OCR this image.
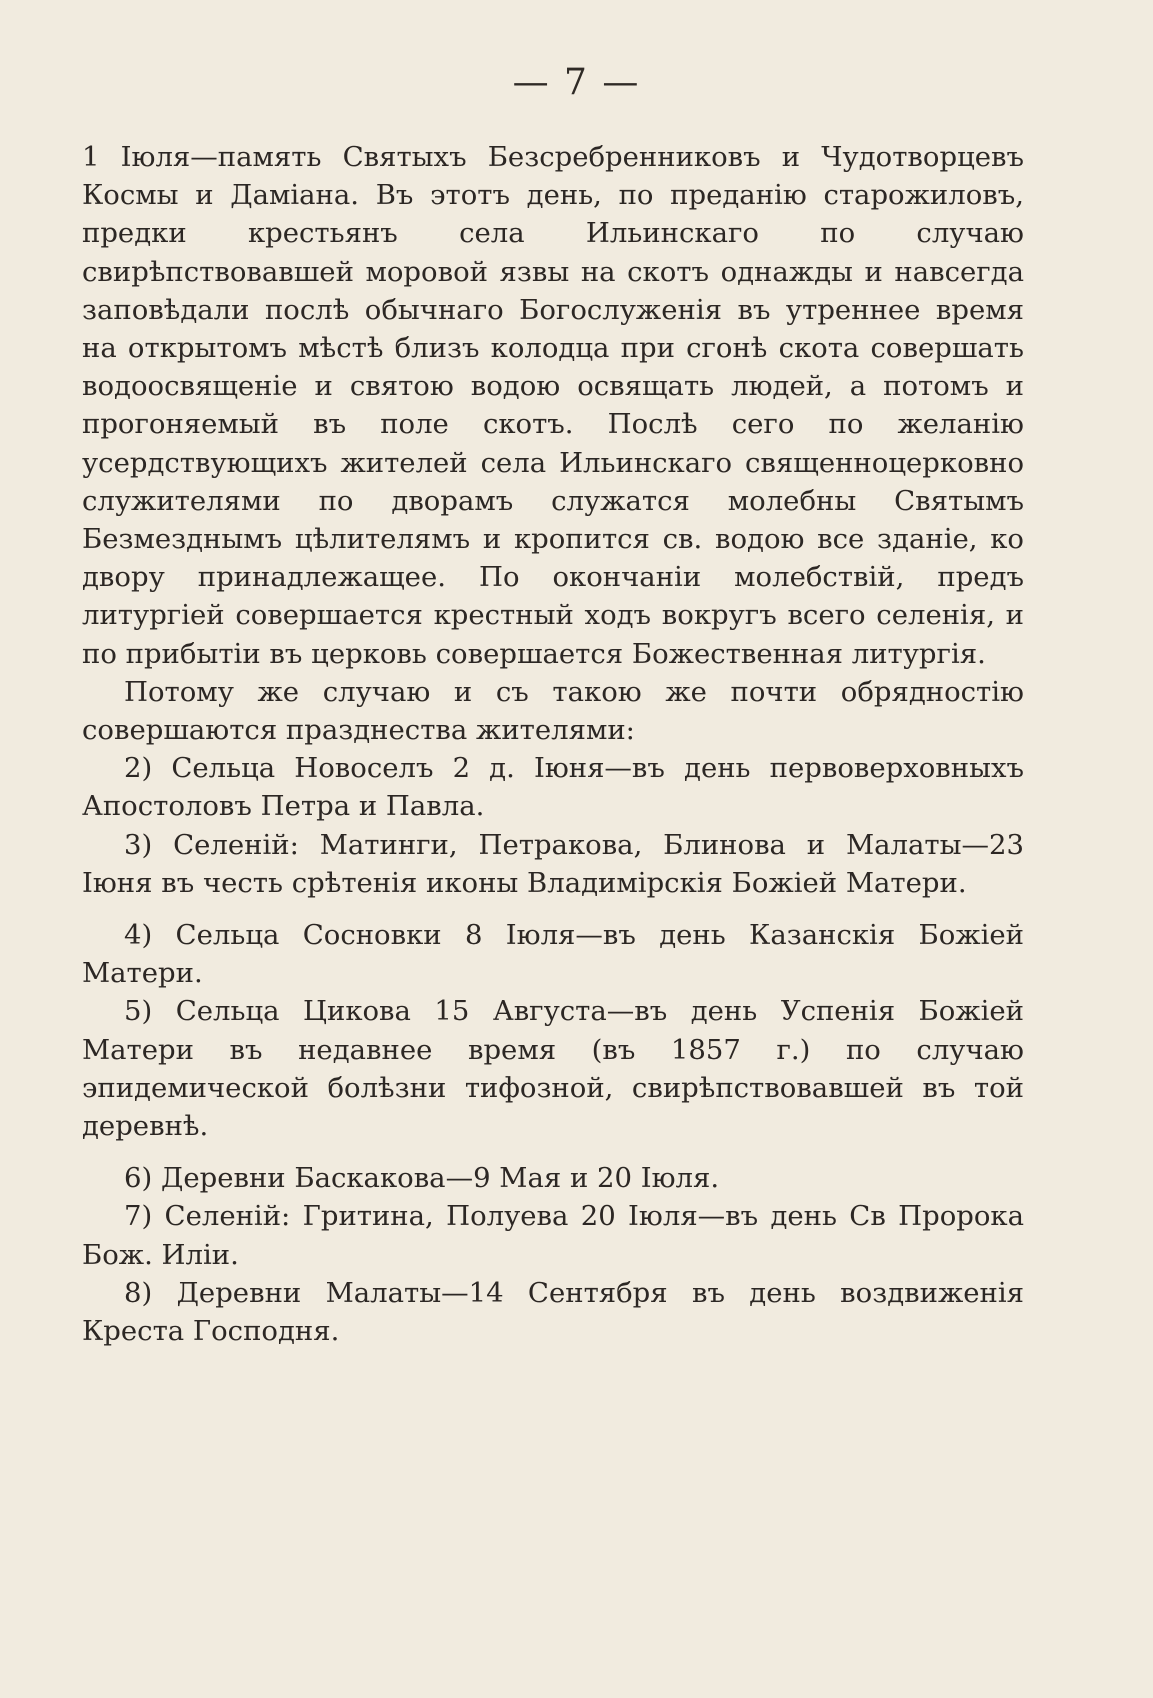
— 7 —

1 Іюля—память Святыхъ Безсребренниковъ и Чудотворцевъ Космы и Даміана. Въ этотъ день, по преданію старожиловъ, предки крестьянъ села Ильинскаго по случаю свирѣпствовавшей моровой язвы на скотъ однажды и навсегда заповѣдали послѣ обычнаго Богослуженія въ утреннее время на открытомъ мѣстѣ близъ колодца при сгонѣ скота совершать водоосвященіе и святою водою освящать людей, а потомъ и прогоняемый въ поле скотъ. Послѣ сего по желанію усердствующихъ жителей села Ильинскаго священноцерковно служителями по дворамъ служатся молебны Святымъ Безмезднымъ цѣлителямъ и кропится св. водою все зданіе, ко двору принадлежащее. По окончаніи молебствій, предъ литургіей совершается крестный ходъ вокругъ всего селенія, и по прибытіи въ церковь совершается Божественная литургія.

Потому же случаю и съ такою же почти обрядностію совершаются празднества жителями:

2) Сельца Новоселъ 2 д. Іюня—въ день первоверховныхъ Апостоловъ Петра и Павла.

3) Селеній: Матинги, Петракова, Блинова и Малаты—23 Іюня въ честь срѣтенія иконы Владимірскія Божіей Матери.

4) Сельца Сосновки 8 Іюля—въ день Казанскія Божіей Матери.

5) Сельца Цикова 15 Августа—въ день Успенія Божіей Матери въ недавнее время (въ 1857 г.) по случаю эпидемической болѣзни тифозной, свирѣпствовавшей въ той деревнѣ.

6) Деревни Баскакова—9 Мая и 20 Іюля.

7) Селеній: Гритина, Полуева 20 Іюля—въ день Св Пророка Бож. Иліи.

8) Деревни Малаты—14 Сентября въ день воздвиженія Креста Господня.
